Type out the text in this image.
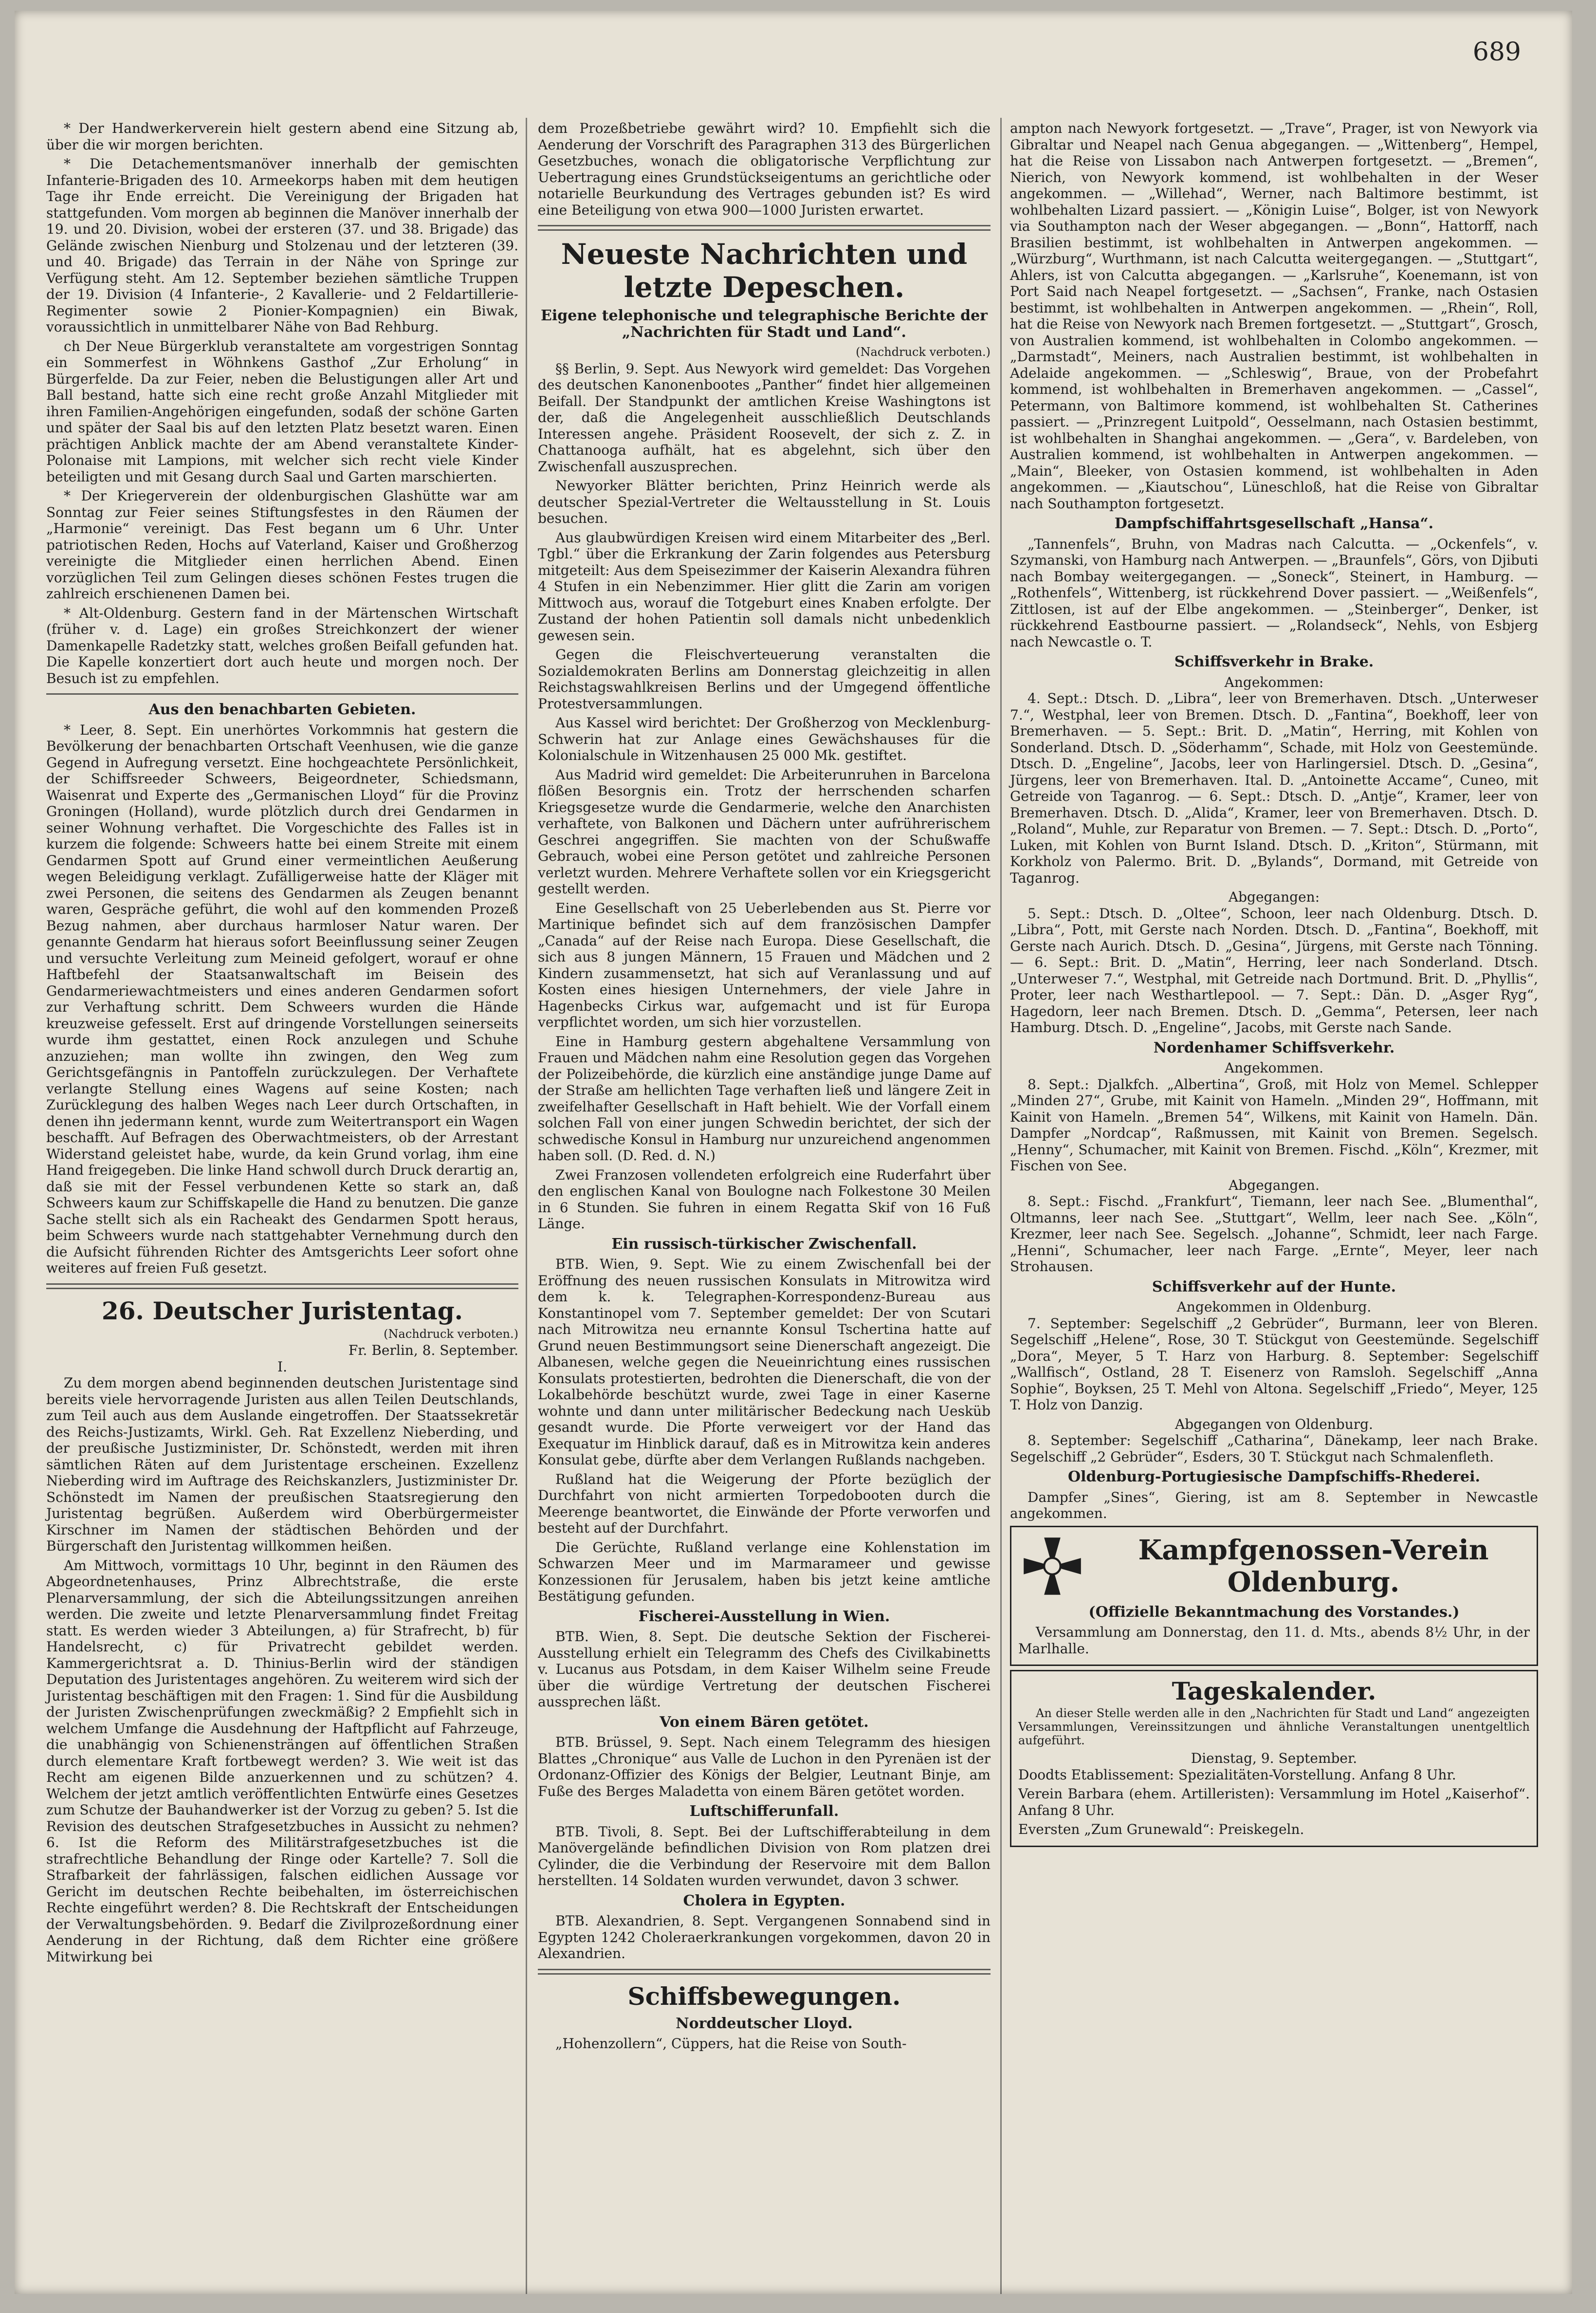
689

* Der Handwerkerverein hielt gestern abend eine Sitzung ab, über die wir morgen berichten.

* Die Detachementsmanöver innerhalb der gemischten Infanterie-Brigaden des 10. Armeekorps haben mit dem heutigen Tage ihr Ende erreicht. Die Vereinigung der Brigaden hat stattgefunden. Vom morgen ab beginnen die Manöver innerhalb der 19. und 20. Division, wobei der ersteren (37. und 38. Brigade) das Gelände zwischen Nienburg und Stolzenau und der letzteren (39. und 40. Brigade) das Terrain in der Nähe von Springe zur Verfügung steht. Am 12. September beziehen sämtliche Truppen der 19. Division (4 Infanterie-, 2 Kavallerie- und 2 Feldartillerie-Regimenter sowie 2 Pionier-Kompagnien) ein Biwak, voraussichtlich in unmittelbarer Nähe von Bad Rehburg.

ch Der Neue Bürgerklub veranstaltete am vorgestrigen Sonntag ein Sommerfest in Wöhnkens Gasthof „Zur Erholung“ in Bürgerfelde. Da zur Feier, neben die Belustigungen aller Art und Ball bestand, hatte sich eine recht große Anzahl Mitglieder mit ihren Familien-Angehörigen eingefunden, sodaß der schöne Garten und später der Saal bis auf den letzten Platz besetzt waren. Einen prächtigen Anblick machte der am Abend veranstaltete Kinder-Polonaise mit Lampions, mit welcher sich recht viele Kinder beteiligten und mit Gesang durch Saal und Garten marschierten.

* Der Kriegerverein der oldenburgischen Glashütte war am Sonntag zur Feier seines Stiftungsfestes in den Räumen der „Harmonie“ vereinigt. Das Fest begann um 6 Uhr. Unter patriotischen Reden, Hochs auf Vaterland, Kaiser und Großherzog vereinigte die Mitglieder einen herrlichen Abend. Einen vorzüglichen Teil zum Gelingen dieses schönen Festes trugen die zahlreich erschienenen Damen bei.

* Alt-Oldenburg. Gestern fand in der Märtenschen Wirtschaft (früher v. d. Lage) ein großes Streichkonzert der wiener Damenkapelle Radetzky statt, welches großen Beifall gefunden hat. Die Kapelle konzertiert dort auch heute und morgen noch. Der Besuch ist zu empfehlen.

Aus den benachbarten Gebieten.

* Leer, 8. Sept. Ein unerhörtes Vorkommnis hat gestern die Bevölkerung der benachbarten Ortschaft Veenhusen, wie die ganze Gegend in Aufregung versetzt. Eine hochgeachtete Persönlichkeit, der Schiffsreeder Schweers, Beigeordneter, Schiedsmann, Waisenrat und Experte des „Germanischen Lloyd“ für die Provinz Groningen (Holland), wurde plötzlich durch drei Gendarmen in seiner Wohnung verhaftet. Die Vorgeschichte des Falles ist in kurzem die folgende: Schweers hatte bei einem Streite mit einem Gendarmen Spott auf Grund einer vermeintlichen Aeußerung wegen Beleidigung verklagt. Zufälligerweise hatte der Kläger mit zwei Personen, die seitens des Gendarmen als Zeugen benannt waren, Gespräche geführt, die wohl auf den kommenden Prozeß Bezug nahmen, aber durchaus harmloser Natur waren. Der genannte Gendarm hat hieraus sofort Beeinflussung seiner Zeugen und versuchte Verleitung zum Meineid gefolgert, worauf er ohne Haftbefehl der Staatsanwaltschaft im Beisein des Gendarmeriewachtmeisters und eines anderen Gendarmen sofort zur Verhaftung schritt. Dem Schweers wurden die Hände kreuzweise gefesselt. Erst auf dringende Vorstellungen seinerseits wurde ihm gestattet, einen Rock anzulegen und Schuhe anzuziehen; man wollte ihn zwingen, den Weg zum Gerichtsgefängnis in Pantoffeln zurückzulegen. Der Verhaftete verlangte Stellung eines Wagens auf seine Kosten; nach Zurücklegung des halben Weges nach Leer durch Ortschaften, in denen ihn jedermann kennt, wurde zum Weitertransport ein Wagen beschafft. Auf Befragen des Oberwachtmeisters, ob der Arrestant Widerstand geleistet habe, wurde, da kein Grund vorlag, ihm eine Hand freigegeben. Die linke Hand schwoll durch Druck derartig an, daß sie mit der Fessel verbundenen Kette so stark an, daß Schweers kaum zur Schiffskapelle die Hand zu benutzen. Die ganze Sache stellt sich als ein Racheakt des Gendarmen Spott heraus, beim Schweers wurde nach stattgehabter Vernehmung durch den die Aufsicht führenden Richter des Amtsgerichts Leer sofort ohne weiteres auf freien Fuß gesetzt.

26. Deutscher Juristentag.
(Nachdruck verboten.)
Fr. Berlin, 8. September.
I.

Zu dem morgen abend beginnenden deutschen Juristentage sind bereits viele hervorragende Juristen aus allen Teilen Deutschlands, zum Teil auch aus dem Auslande eingetroffen. Der Staatssekretär des Reichs-Justizamts, Wirkl. Geh. Rat Exzellenz Nieberding, und der preußische Justizminister, Dr. Schönstedt, werden mit ihren sämtlichen Räten auf dem Juristentage erscheinen. Exzellenz Nieberding wird im Auftrage des Reichskanzlers, Justizminister Dr. Schönstedt im Namen der preußischen Staatsregierung den Juristentag begrüßen. Außerdem wird Oberbürgermeister Kirschner im Namen der städtischen Behörden und der Bürgerschaft den Juristentag willkommen heißen.

Am Mittwoch, vormittags 10 Uhr, beginnt in den Räumen des Abgeordnetenhauses, Prinz Albrechtstraße, die erste Plenarversammlung, der sich die Abteilungssitzungen anreihen werden. Die zweite und letzte Plenarversammlung findet Freitag statt. Es werden wieder 3 Abteilungen, a) für Strafrecht, b) für Handelsrecht, c) für Privatrecht gebildet werden. Kammergerichtsrat a. D. Thinius-Berlin wird der ständigen Deputation des Juristentages angehören. Zu weiterem wird sich der Juristentag beschäftigen mit den Fragen: 1. Sind für die Ausbildung der Juristen Zwischenprüfungen zweckmäßig? 2 Empfiehlt sich in welchem Umfange die Ausdehnung der Haftpflicht auf Fahrzeuge, die unabhängig von Schienensträngen auf öffentlichen Straßen durch elementare Kraft fortbewegt werden? 3. Wie weit ist das Recht am eigenen Bilde anzuerkennen und zu schützen? 4. Welchem der jetzt amtlich veröffentlichten Entwürfe eines Gesetzes zum Schutze der Bauhandwerker ist der Vorzug zu geben? 5. Ist die Revision des deutschen Strafgesetzbuches in Aussicht zu nehmen? 6. Ist die Reform des Militärstrafgesetzbuches ist die strafrechtliche Behandlung der Ringe oder Kartelle? 7. Soll die Strafbarkeit der fahrlässigen, falschen eidlichen Aussage vor Gericht im deutschen Rechte beibehalten, im österreichischen Rechte eingeführt werden? 8. Die Rechtskraft der Entscheidungen der Verwaltungsbehörden. 9. Bedarf die Zivilprozeßordnung einer Aenderung in der Richtung, daß dem Richter eine größere Mitwirkung bei

dem Prozeßbetriebe gewährt wird? 10. Empfiehlt sich die Aenderung der Vorschrift des Paragraphen 313 des Bürgerlichen Gesetzbuches, wonach die obligatorische Verpflichtung zur Uebertragung eines Grundstückseigentums an gerichtliche oder notarielle Beurkundung des Vertrages gebunden ist? Es wird eine Beteiligung von etwa 900—1000 Juristen erwartet.

Neueste Nachrichten und letzte Depeschen.
Eigene telephonische und telegraphische Berichte der „Nachrichten für Stadt und Land“.
(Nachdruck verboten.)

§§ Berlin, 9. Sept. Aus Newyork wird gemeldet: Das Vorgehen des deutschen Kanonenbootes „Panther“ findet hier allgemeinen Beifall. Der Standpunkt der amtlichen Kreise Washingtons ist der, daß die Angelegenheit ausschließlich Deutschlands Interessen angehe. Präsident Roosevelt, der sich z. Z. in Chattanooga aufhält, hat es abgelehnt, sich über den Zwischenfall auszusprechen.

Newyorker Blätter berichten, Prinz Heinrich werde als deutscher Spezial-Vertreter die Weltausstellung in St. Louis besuchen.

Aus glaubwürdigen Kreisen wird einem Mitarbeiter des „Berl. Tgbl.“ über die Erkrankung der Zarin folgendes aus Petersburg mitgeteilt: Aus dem Speisezimmer der Kaiserin Alexandra führen 4 Stufen in ein Nebenzimmer. Hier glitt die Zarin am vorigen Mittwoch aus, worauf die Totgeburt eines Knaben erfolgte. Der Zustand der hohen Patientin soll damals nicht unbedenklich gewesen sein.

Gegen die Fleischverteuerung veranstalten die Sozialdemokraten Berlins am Donnerstag gleichzeitig in allen Reichstagswahlkreisen Berlins und der Umgegend öffentliche Protestversammlungen.

Aus Kassel wird berichtet: Der Großherzog von Mecklenburg-Schwerin hat zur Anlage eines Gewächshauses für die Kolonialschule in Witzenhausen 25 000 Mk. gestiftet.

Aus Madrid wird gemeldet: Die Arbeiterunruhen in Barcelona flößen Besorgnis ein. Trotz der herrschenden scharfen Kriegsgesetze wurde die Gendarmerie, welche den Anarchisten verhaftete, von Balkonen und Dächern unter aufrührerischem Geschrei angegriffen. Sie machten von der Schußwaffe Gebrauch, wobei eine Person getötet und zahlreiche Personen verletzt wurden. Mehrere Verhaftete sollen vor ein Kriegsgericht gestellt werden.

Eine Gesellschaft von 25 Ueberlebenden aus St. Pierre vor Martinique befindet sich auf dem französischen Dampfer „Canada“ auf der Reise nach Europa. Diese Gesellschaft, die sich aus 8 jungen Männern, 15 Frauen und Mädchen und 2 Kindern zusammensetzt, hat sich auf Veranlassung und auf Kosten eines hiesigen Unternehmers, der viele Jahre in Hagenbecks Cirkus war, aufgemacht und ist für Europa verpflichtet worden, um sich hier vorzustellen.

Eine in Hamburg gestern abgehaltene Versammlung von Frauen und Mädchen nahm eine Resolution gegen das Vorgehen der Polizeibehörde, die kürzlich eine anständige junge Dame auf der Straße am hellichten Tage verhaften ließ und längere Zeit in zweifelhafter Gesellschaft in Haft behielt. Wie der Vorfall einem solchen Fall von einer jungen Schwedin berichtet, der sich der schwedische Konsul in Hamburg nur unzureichend angenommen haben soll. (D. Red. d. N.)

Zwei Franzosen vollendeten erfolgreich eine Ruderfahrt über den englischen Kanal von Boulogne nach Folkestone 30 Meilen in 6 Stunden. Sie fuhren in einem Regatta Skif von 16 Fuß Länge.

Ein russisch-türkischer Zwischenfall.

BTB. Wien, 9. Sept. Wie zu einem Zwischenfall bei der Eröffnung des neuen russischen Konsulats in Mitrowitza wird dem k. k. Telegraphen-Korrespondenz-Bureau aus Konstantinopel vom 7. September gemeldet: Der von Scutari nach Mitrowitza neu ernannte Konsul Tschertina hatte auf Grund neuen Bestimmungsort seine Dienerschaft angezeigt. Die Albanesen, welche gegen die Neueinrichtung eines russischen Konsulats protestierten, bedrohten die Dienerschaft, die von der Lokalbehörde beschützt wurde, zwei Tage in einer Kaserne wohnte und dann unter militärischer Bedeckung nach Uesküb gesandt wurde. Die Pforte verweigert vor der Hand das Exequatur im Hinblick darauf, daß es in Mitrowitza kein anderes Konsulat gebe, dürfte aber dem Verlangen Rußlands nachgeben.

Rußland hat die Weigerung der Pforte bezüglich der Durchfahrt von nicht armierten Torpedobooten durch die Meerenge beantwortet, die Einwände der Pforte verworfen und besteht auf der Durchfahrt.

Die Gerüchte, Rußland verlange eine Kohlenstation im Schwarzen Meer und im Marmarameer und gewisse Konzessionen für Jerusalem, haben bis jetzt keine amtliche Bestätigung gefunden.

Fischerei-Ausstellung in Wien.

BTB. Wien, 8. Sept. Die deutsche Sektion der Fischerei-Ausstellung erhielt ein Telegramm des Chefs des Civilkabinetts v. Lucanus aus Potsdam, in dem Kaiser Wilhelm seine Freude über die würdige Vertretung der deutschen Fischerei aussprechen läßt.

Von einem Bären getötet.

BTB. Brüssel, 9. Sept. Nach einem Telegramm des hiesigen Blattes „Chronique“ aus Valle de Luchon in den Pyrenäen ist der Ordonanz-Offizier des Königs der Belgier, Leutnant Binje, am Fuße des Berges Maladetta von einem Bären getötet worden.

Luftschifferunfall.

BTB. Tivoli, 8. Sept. Bei der Luftschifferabteilung in dem Manövergelände befindlichen Division von Rom platzen drei Cylinder, die die Verbindung der Reservoire mit dem Ballon herstellten. 14 Soldaten wurden verwundet, davon 3 schwer.

Cholera in Egypten.

BTB. Alexandrien, 8. Sept. Vergangenen Sonnabend sind in Egypten 1242 Cholerаerkrankungen vorgekommen, davon 20 in Alexandrien.

Schiffsbewegungen.
Norddeutscher Lloyd.

„Hohenzollern“, Cüppers, hat die Reise von South-

ampton nach Newyork fortgesetzt. — „Trave“, Prager, ist von Newyork via Gibraltar und Neapel nach Genua abgegangen. — „Wittenberg“, Hempel, hat die Reise von Lissabon nach Antwerpen fortgesetzt. — „Bremen“, Nierich, von Newyork kommend, ist wohlbehalten in der Weser angekommen. — „Willehad“, Werner, nach Baltimore bestimmt, ist wohlbehalten Lizard passiert. — „Königin Luise“, Bolger, ist von Newyork via Southampton nach der Weser abgegangen. — „Bonn“, Hattorff, nach Brasilien bestimmt, ist wohlbehalten in Antwerpen angekommen. — „Würzburg“, Wurthmann, ist nach Calcutta weitergegangen. — „Stuttgart“, Ahlers, ist von Calcutta abgegangen. — „Karlsruhe“, Koenemann, ist von Port Said nach Neapel fortgesetzt. — „Sachsen“, Franke, nach Ostasien bestimmt, ist wohlbehalten in Antwerpen angekommen. — „Rhein“, Roll, hat die Reise von Newyork nach Bremen fortgesetzt. — „Stuttgart“, Grosch, von Australien kommend, ist wohlbehalten in Colombo angekommen. — „Darmstadt“, Meiners, nach Australien bestimmt, ist wohlbehalten in Adelaide angekommen. — „Schleswig“, Braue, von der Probefahrt kommend, ist wohlbehalten in Bremerhaven angekommen. — „Cassel“, Petermann, von Baltimore kommend, ist wohlbehalten St. Catherines passiert. — „Prinzregent Luitpold“, Oesselmann, nach Ostasien bestimmt, ist wohlbehalten in Shanghai angekommen. — „Gera“, v. Bardeleben, von Australien kommend, ist wohlbehalten in Antwerpen angekommen. — „Main“, Bleeker, von Ostasien kommend, ist wohlbehalten in Aden angekommen. — „Kiautschou“, Lüneschloß, hat die Reise von Gibraltar nach Southampton fortgesetzt.

Dampfschiffahrtsgesellschaft „Hansa“.

„Tannenfels“, Bruhn, von Madras nach Calcutta. — „Ockenfels“, v. Szymanski, von Hamburg nach Antwerpen. — „Braunfels“, Görs, von Djibuti nach Bombay weitergegangen. — „Soneck“, Steinert, in Hamburg. — „Rothenfels“, Wittenberg, ist rückkehrend Dover passiert. — „Weißenfels“, Zittlosen, ist auf der Elbe angekommen. — „Steinberger“, Denker, ist rückkehrend Eastbourne passiert. — „Rolandseck“, Nehls, von Esbjerg nach Newcastle o. T.

Schiffsverkehr in Brake.
Angekommen:

4. Sept.: Dtsch. D. „Libra“, leer von Bremerhaven. Dtsch. „Unterweser 7.“, Westphal, leer von Bremen. Dtsch. D. „Fantina“, Boekhoff, leer von Bremerhaven. — 5. Sept.: Brit. D. „Matin“, Herring, mit Kohlen von Sonderland. Dtsch. D. „Söderhamm“, Schade, mit Holz von Geestemünde. Dtsch. D. „Engeline“, Jacobs, leer von Harlingersiel. Dtsch. D. „Gesina“, Jürgens, leer von Bremerhaven. Ital. D. „Antoinette Accame“, Cuneo, mit Getreide von Taganrog. — 6. Sept.: Dtsch. D. „Antje“, Kramer, leer von Bremerhaven. Dtsch. D. „Alida“, Kramer, leer von Bremerhaven. Dtsch. D. „Roland“, Muhle, zur Reparatur von Bremen. — 7. Sept.: Dtsch. D. „Porto“, Luken, mit Kohlen von Burnt Island. Dtsch. D. „Kriton“, Stürmann, mit Korkholz von Palermo. Brit. D. „Bylands“, Dormand, mit Getreide von Taganrog.

Abgegangen:

5. Sept.: Dtsch. D. „Oltee“, Schoon, leer nach Oldenburg. Dtsch. D. „Libra“, Pott, mit Gerste nach Norden. Dtsch. D. „Fantina“, Boekhoff, mit Gerste nach Aurich. Dtsch. D. „Gesina“, Jürgens, mit Gerste nach Tönning. — 6. Sept.: Brit. D. „Matin“, Herring, leer nach Sonderland. Dtsch. „Unterweser 7.“, Westphal, mit Getreide nach Dortmund. Brit. D. „Phyllis“, Proter, leer nach Westhartlepool. — 7. Sept.: Dän. D. „Asger Ryg“, Hagedorn, leer nach Bremen. Dtsch. D. „Gemma“, Petersen, leer nach Hamburg. Dtsch. D. „Engeline“, Jacobs, mit Gerste nach Sande.

Nordenhamer Schiffsverkehr.
Angekommen.

8. Sept.: Djalkfch. „Albertina“, Groß, mit Holz von Memel. Schlepper „Minden 27“, Grube, mit Kainit von Hameln. „Minden 29“, Hoffmann, mit Kainit von Hameln. „Bremen 54“, Wilkens, mit Kainit von Hameln. Dän. Dampfer „Nordcap“, Raßmussen, mit Kainit von Bremen. Segelsch. „Henny“, Schumacher, mit Kainit von Bremen. Fischd. „Köln“, Krezmer, mit Fischen von See.

Abgegangen.

8. Sept.: Fischd. „Frankfurt“, Tiemann, leer nach See. „Blumenthal“, Oltmanns, leer nach See. „Stuttgart“, Wellm, leer nach See. „Köln“, Krezmer, leer nach See. Segelsch. „Johanne“, Schmidt, leer nach Farge. „Henni“, Schumacher, leer nach Farge. „Ernte“, Meyer, leer nach Strohausen.

Schiffsverkehr auf der Hunte.
Angekommen in Oldenburg.

7. September: Segelschiff „2 Gebrüder“, Burmann, leer von Bleren. Segelschiff „Helene“, Rose, 30 T. Stückgut von Geestemünde. Segelschiff „Dora“, Meyer, 5 T. Harz von Harburg. 8. September: Segelschiff „Wallfisch“, Ostland, 28 T. Eisenerz von Ramsloh. Segelschiff „Anna Sophie“, Boyksen, 25 T. Mehl von Altona. Segelschiff „Friedo“, Meyer, 125 T. Holz von Danzig.

Abgegangen von Oldenburg.

8. September: Segelschiff „Catharina“, Dänekamp, leer nach Brake. Segelschiff „2 Gebrüder“, Esders, 30 T. Stückgut nach Schmalenfleth.

Oldenburg-Portugiesische Dampfschiffs-Rhederei.

Dampfer „Sines“, Giering, ist am 8. September in Newcastle angekommen.

Kampfgenossen-Verein Oldenburg.
(Offizielle Bekanntmachung des Vorstandes.)

Versammlung am Donnerstag, den 11. d. Mts., abends 8½ Uhr, in der Marlhalle.

Tageskalender.

An dieser Stelle werden alle in den „Nachrichten für Stadt und Land“ angezeigten Versammlungen, Vereinssitzungen und ähnliche Veranstaltungen unentgeltlich aufgeführt.

Dienstag, 9. September.

Doodts Etablissement: Spezialitäten-Vorstellung. Anfang 8 Uhr.

Verein Barbara (ehem. Artilleristen): Versammlung im Hotel „Kaiserhof“. Anfang 8 Uhr.

Eversten „Zum Grunewald“: Preiskegeln.
